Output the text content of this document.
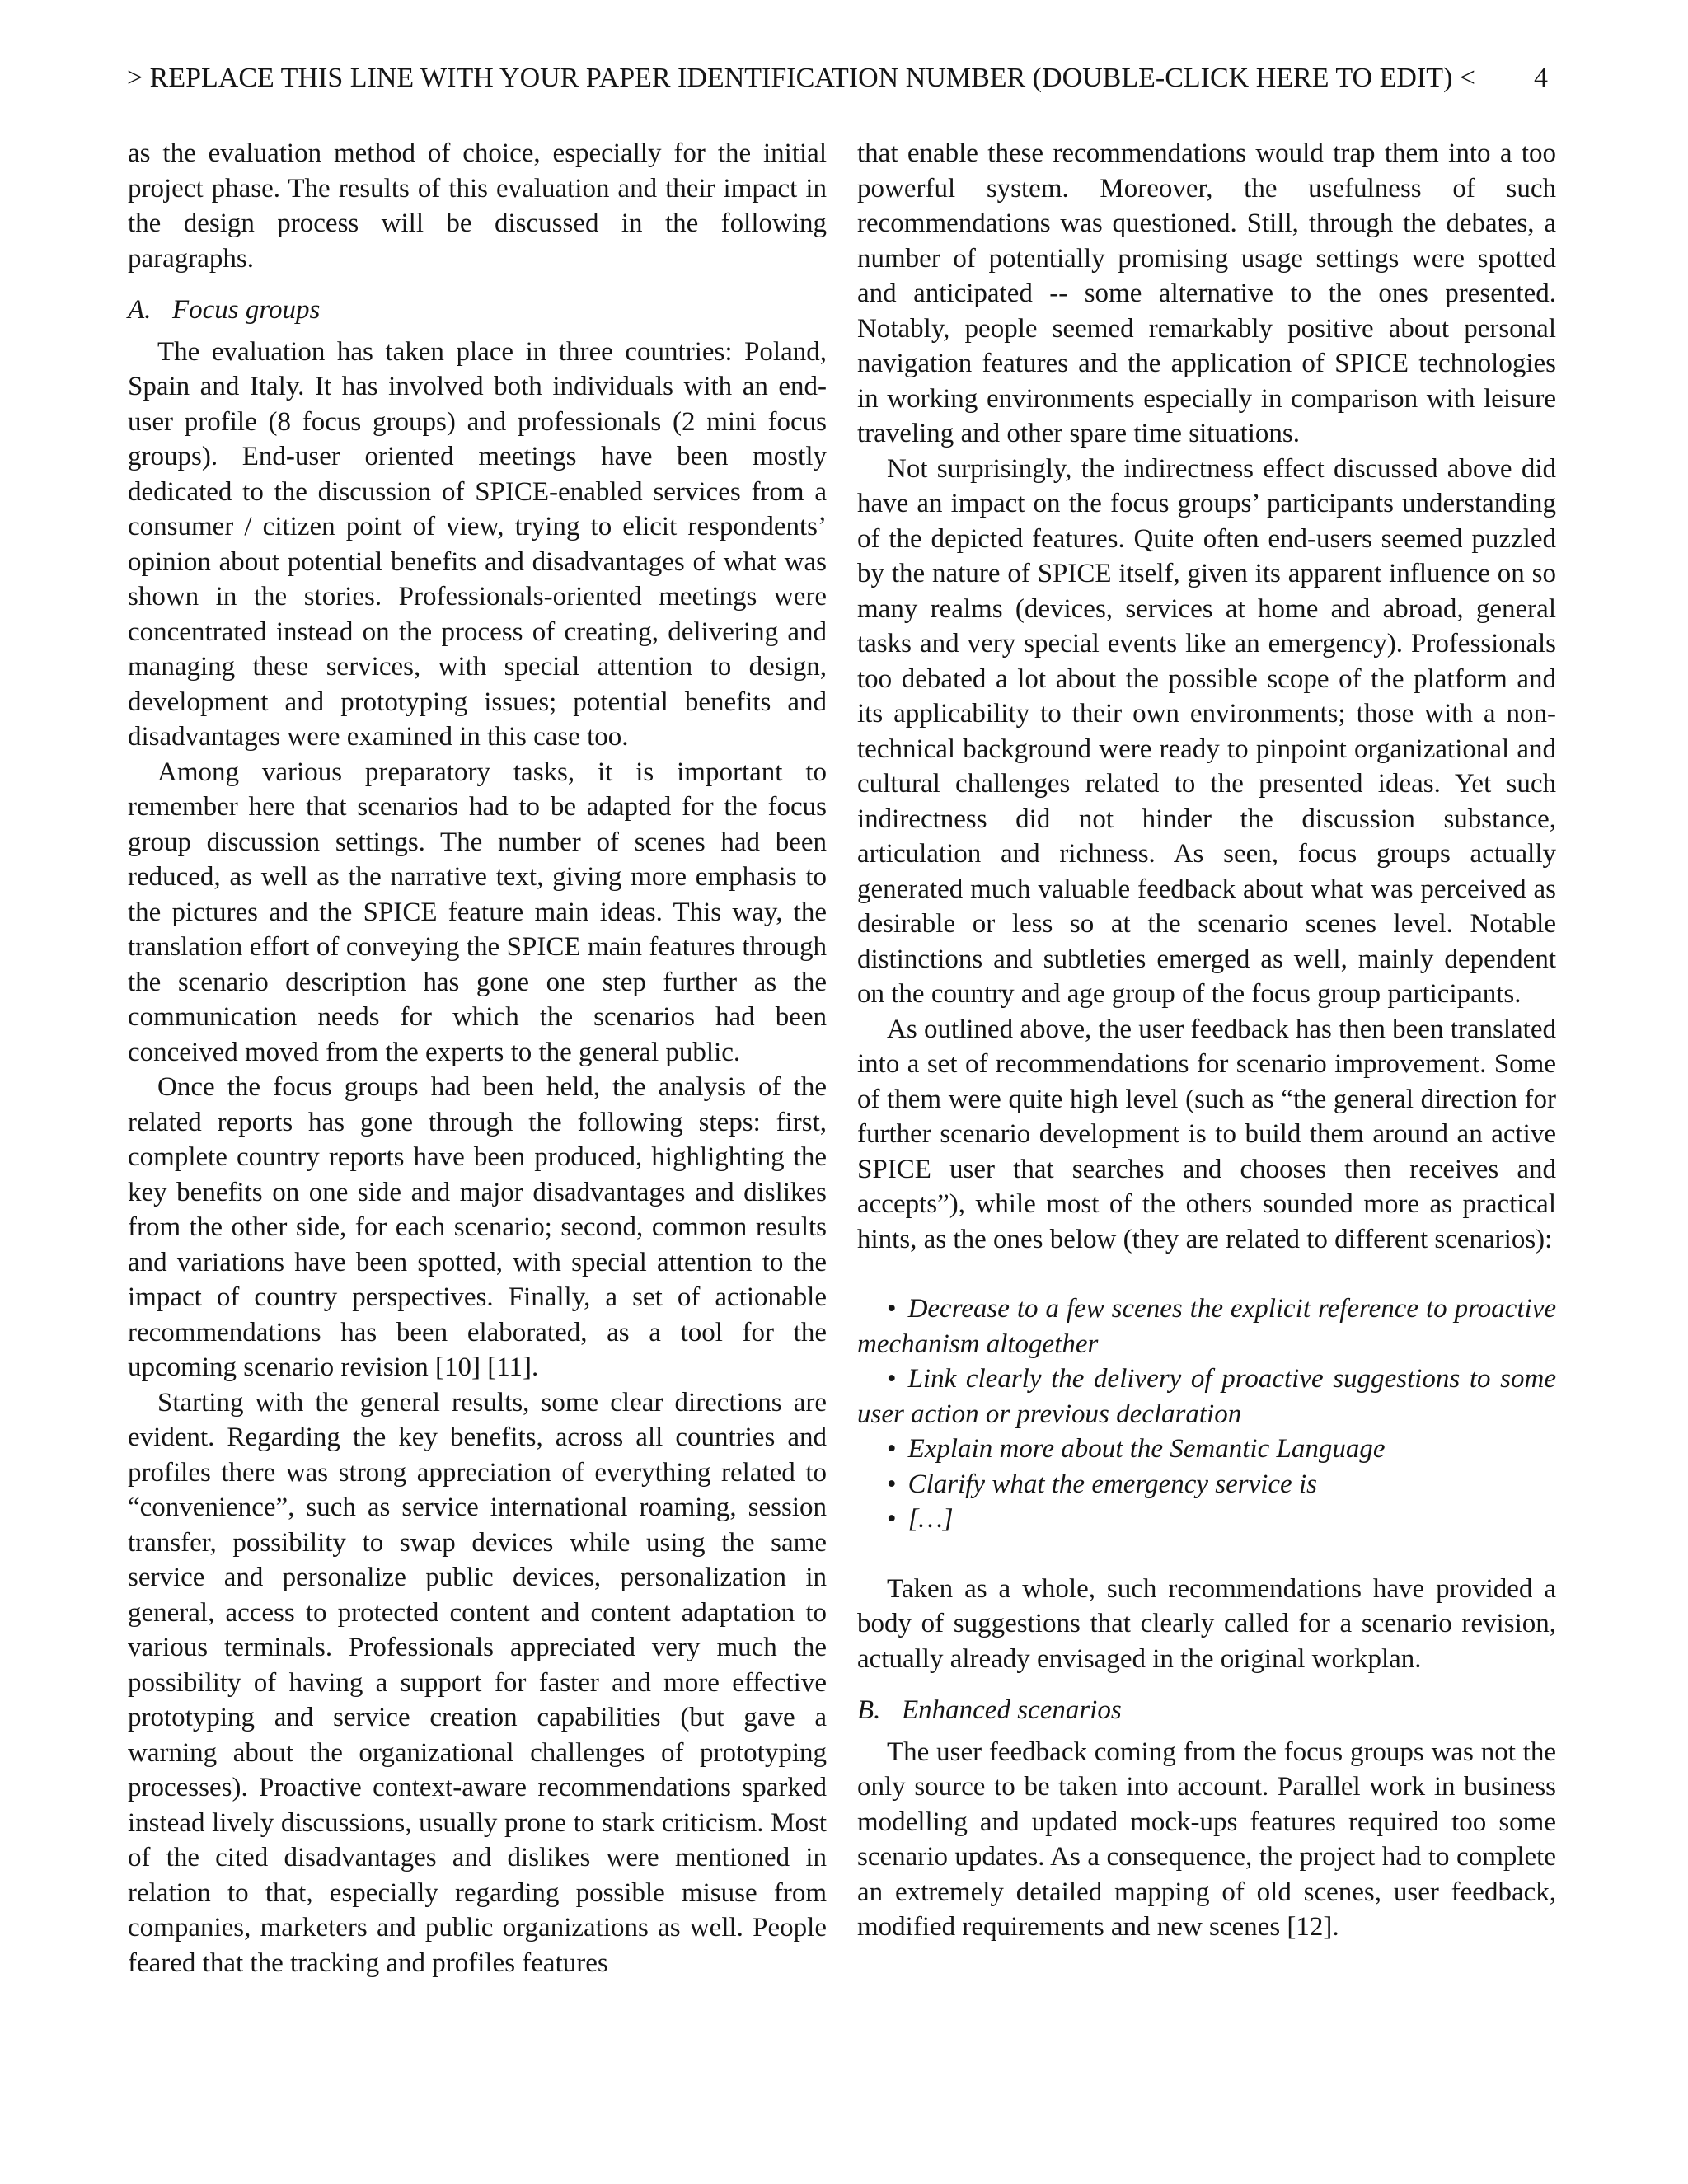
> REPLACE THIS LINE WITH YOUR PAPER IDENTIFICATION NUMBER (DOUBLE-CLICK HERE TO EDIT) < 4

as the evaluation method of choice, especially for the initial project phase. The results of this evaluation and their impact in the design process will be discussed in the following paragraphs.

A. Focus groups

The evaluation has taken place in three countries: Poland, Spain and Italy. It has involved both individuals with an end-user profile (8 focus groups) and professionals (2 mini focus groups). End-user oriented meetings have been mostly dedicated to the discussion of SPICE-enabled services from a consumer / citizen point of view, trying to elicit respondents’ opinion about potential benefits and disadvantages of what was shown in the stories. Professionals-oriented meetings were concentrated instead on the process of creating, delivering and managing these services, with special attention to design, development and prototyping issues; potential benefits and disadvantages were examined in this case too.

Among various preparatory tasks, it is important to remember here that scenarios had to be adapted for the focus group discussion settings. The number of scenes had been reduced, as well as the narrative text, giving more emphasis to the pictures and the SPICE feature main ideas. This way, the translation effort of conveying the SPICE main features through the scenario description has gone one step further as the communication needs for which the scenarios had been conceived moved from the experts to the general public.

Once the focus groups had been held, the analysis of the related reports has gone through the following steps: first, complete country reports have been produced, highlighting the key benefits on one side and major disadvantages and dislikes from the other side, for each scenario; second, common results and variations have been spotted, with special attention to the impact of country perspectives. Finally, a set of actionable recommendations has been elaborated, as a tool for the upcoming scenario revision [10] [11].

Starting with the general results, some clear directions are evident. Regarding the key benefits, across all countries and profiles there was strong appreciation of everything related to “convenience”, such as service international roaming, session transfer, possibility to swap devices while using the same service and personalize public devices, personalization in general, access to protected content and content adaptation to various terminals. Professionals appreciated very much the possibility of having a support for faster and more effective prototyping and service creation capabilities (but gave a warning about the organizational challenges of prototyping processes). Proactive context-aware recommendations sparked instead lively discussions, usually prone to stark criticism. Most of the cited disadvantages and dislikes were mentioned in relation to that, especially regarding possible misuse from companies, marketers and public organizations as well. People feared that the tracking and profiles features

that enable these recommendations would trap them into a too powerful system. Moreover, the usefulness of such recommendations was questioned. Still, through the debates, a number of potentially promising usage settings were spotted and anticipated -- some alternative to the ones presented. Notably, people seemed remarkably positive about personal navigation features and the application of SPICE technologies in working environments especially in comparison with leisure traveling and other spare time situations.

Not surprisingly, the indirectness effect discussed above did have an impact on the focus groups’ participants understanding of the depicted features. Quite often end-users seemed puzzled by the nature of SPICE itself, given its apparent influence on so many realms (devices, services at home and abroad, general tasks and very special events like an emergency). Professionals too debated a lot about the possible scope of the platform and its applicability to their own environments; those with a non-technical background were ready to pinpoint organizational and cultural challenges related to the presented ideas. Yet such indirectness did not hinder the discussion substance, articulation and richness. As seen, focus groups actually generated much valuable feedback about what was perceived as desirable or less so at the scenario scenes level. Notable distinctions and subtleties emerged as well, mainly dependent on the country and age group of the focus group participants.

As outlined above, the user feedback has then been translated into a set of recommendations for scenario improvement. Some of them were quite high level (such as “the general direction for further scenario development is to build them around an active SPICE user that searches and chooses then receives and accepts”), while most of the others sounded more as practical hints, as the ones below (they are related to different scenarios):

• Decrease to a few scenes the explicit reference to proactive mechanism altogether

• Link clearly the delivery of proactive suggestions to some user action or previous declaration

• Explain more about the Semantic Language

• Clarify what the emergency service is

• […]

Taken as a whole, such recommendations have provided a body of suggestions that clearly called for a scenario revision, actually already envisaged in the original workplan.

B. Enhanced scenarios

The user feedback coming from the focus groups was not the only source to be taken into account. Parallel work in business modelling and updated mock-ups features required too some scenario updates. As a consequence, the project had to complete an extremely detailed mapping of old scenes, user feedback, modified requirements and new scenes [12].
